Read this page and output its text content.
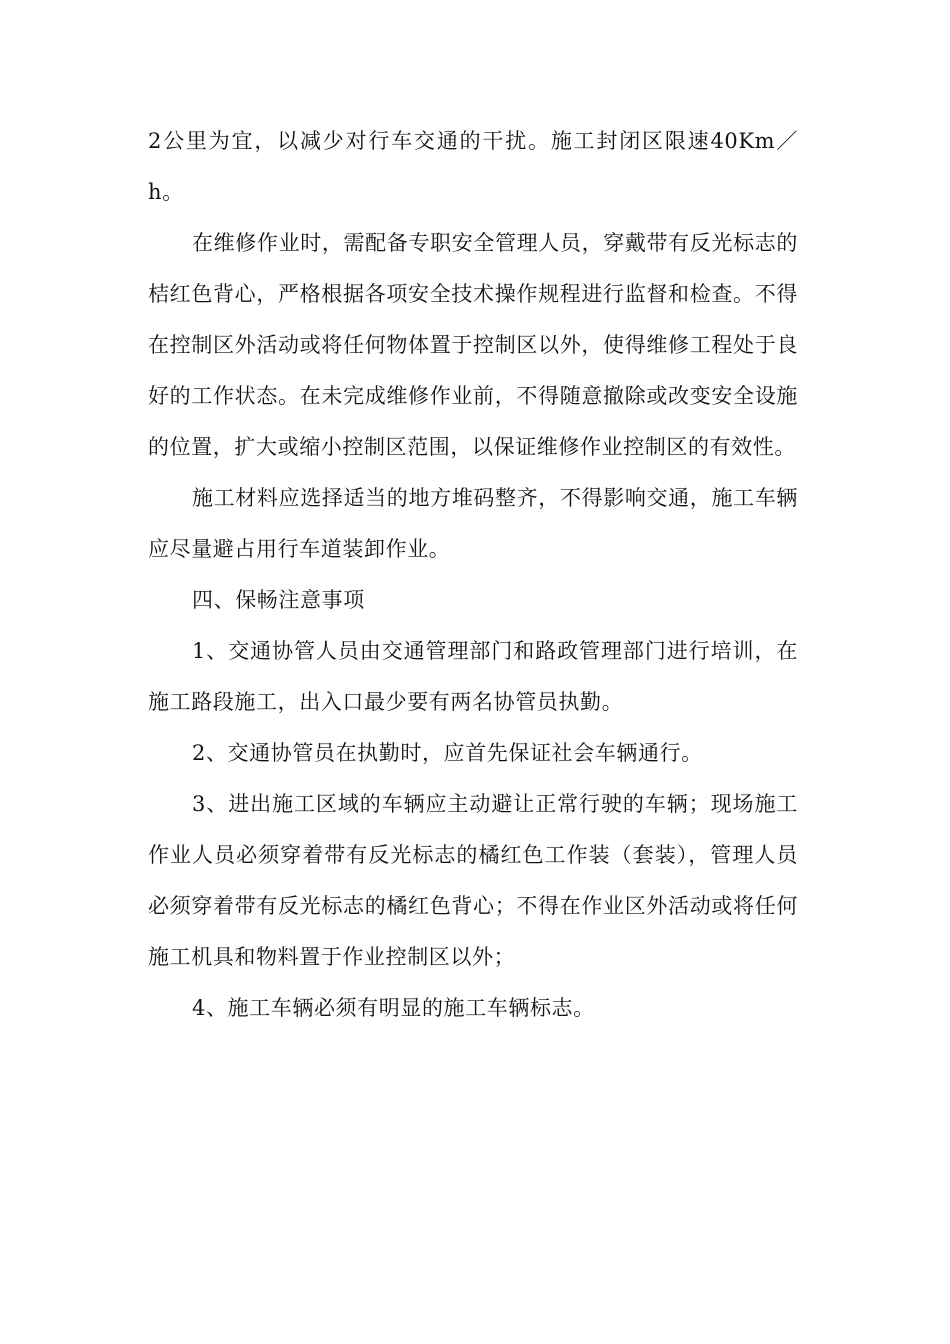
2公里为宜，以减少对行车交通的干扰。施工封闭区限速40Km／h。

在维修作业时，需配备专职安全管理人员，穿戴带有反光标志的桔红色背心，严格根据各项安全技术操作规程进行监督和检查。不得在控制区外活动或将任何物体置于控制区以外，使得维修工程处于良好的工作状态。在未完成维修作业前，不得随意撤除或改变安全设施的位置，扩大或缩小控制区范围，以保证维修作业控制区的有效性。

施工材料应选择适当的地方堆码整齐，不得影响交通，施工车辆应尽量避占用行车道装卸作业。

四、保畅注意事项

1、交通协管人员由交通管理部门和路政管理部门进行培训，在施工路段施工，出入口最少要有两名协管员执勤。

2、交通协管员在执勤时，应首先保证社会车辆通行。

3、进出施工区域的车辆应主动避让正常行驶的车辆；现场施工作业人员必须穿着带有反光标志的橘红色工作装（套装），管理人员必须穿着带有反光标志的橘红色背心；不得在作业区外活动或将任何施工机具和物料置于作业控制区以外；

4、施工车辆必须有明显的施工车辆标志。
